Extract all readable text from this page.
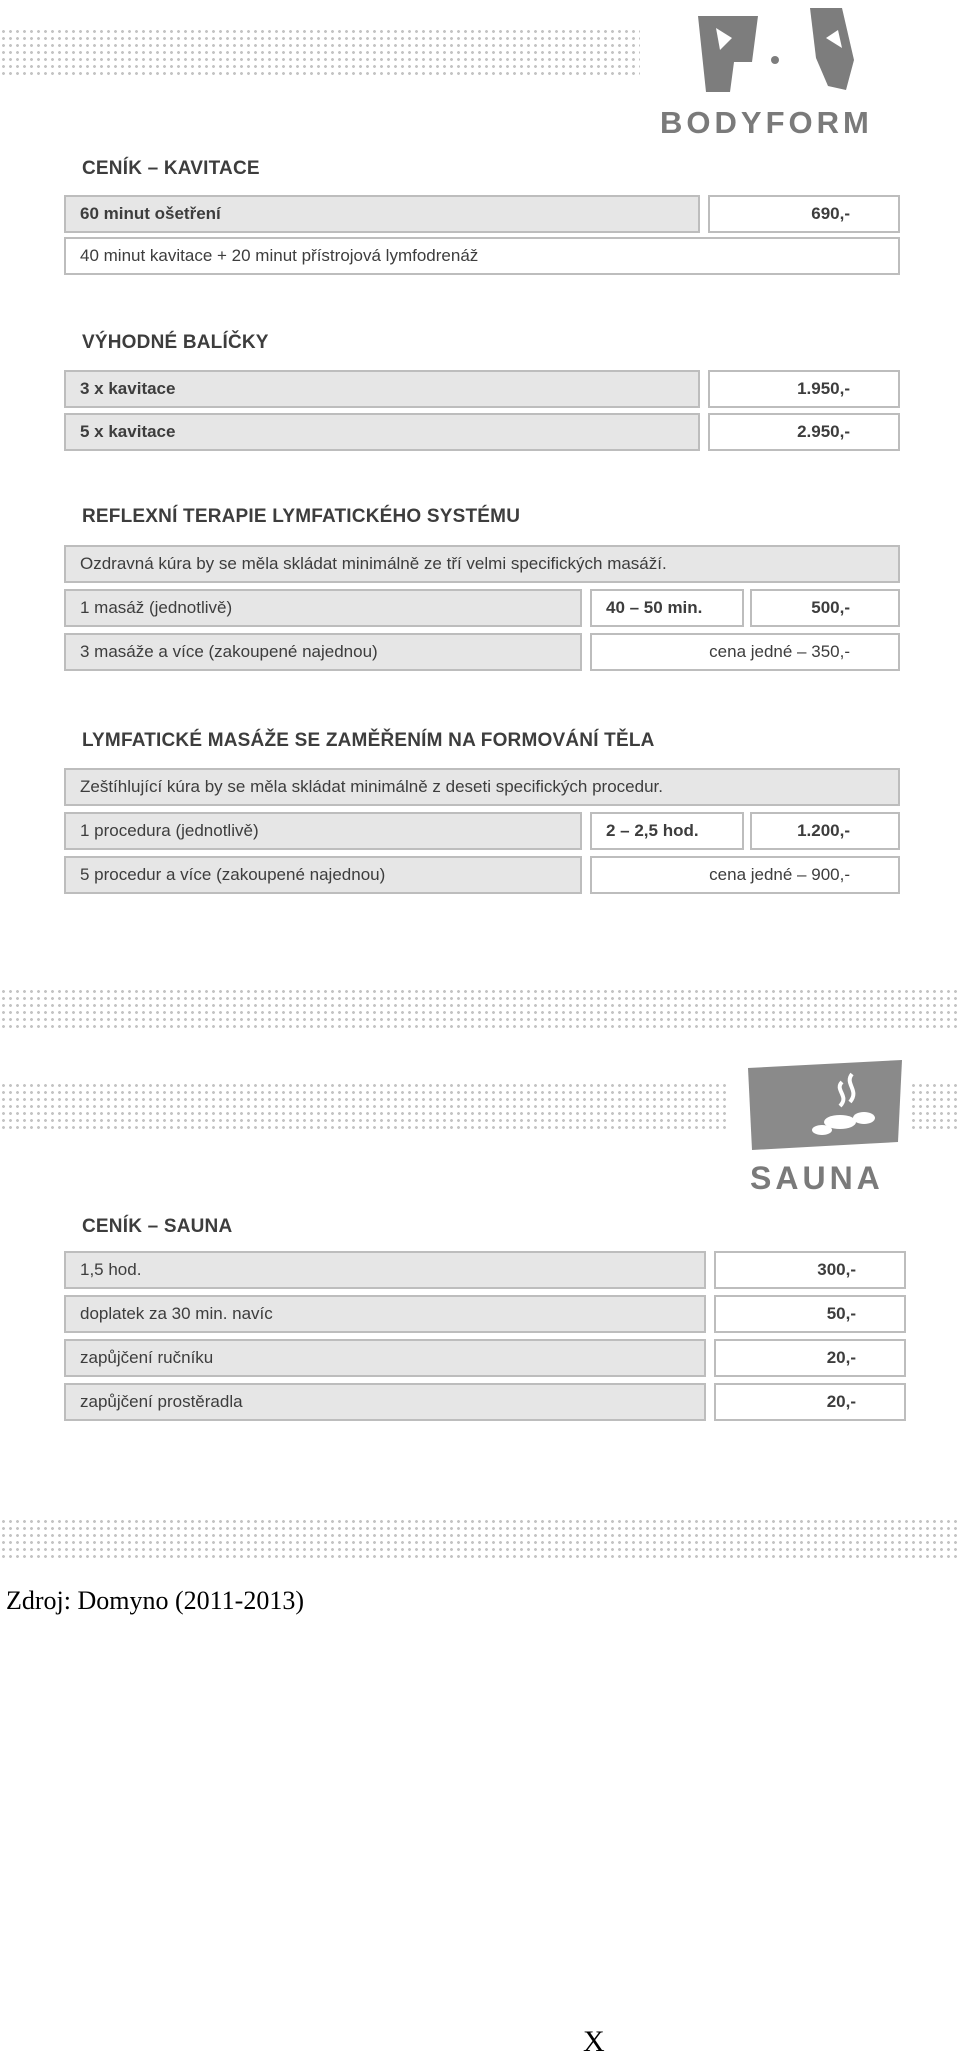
BODYFORM
CENÍK – KAVITACE
60 minut ošetření	690,-
40 minut kavitace + 20 minut přístrojová lymfodrenáž
VÝHODNÉ BALÍČKY
3 x kavitace	1.950,-
5 x kavitace	2.950,-
REFLEXNÍ TERAPIE LYMFATICKÉHO SYSTÉMU
Ozdravná kúra by se měla skládat minimálně ze tří velmi specifických masáží.
1 masáž (jednotlivě)	40 – 50 min.	500,-
3 masáže a více (zakoupené najednou)	cena jedné – 350,-
LYMFATICKÉ MASÁŽE SE ZAMĚŘENÍM NA FORMOVÁNÍ TĚLA
Zeštíhlující kúra by se měla skládat minimálně z deseti specifických procedur.
1 procedura (jednotlivě)	2 – 2,5 hod.	1.200,-
5 procedur a více (zakoupené najednou)	cena jedné – 900,-
SAUNA
CENÍK – SAUNA
1,5 hod.	300,-
doplatek za 30 min. navíc	50,-
zapůjčení ručníku	20,-
zapůjčení prostěradla	20,-
Zdroj: Domyno (2011-2013)
X
